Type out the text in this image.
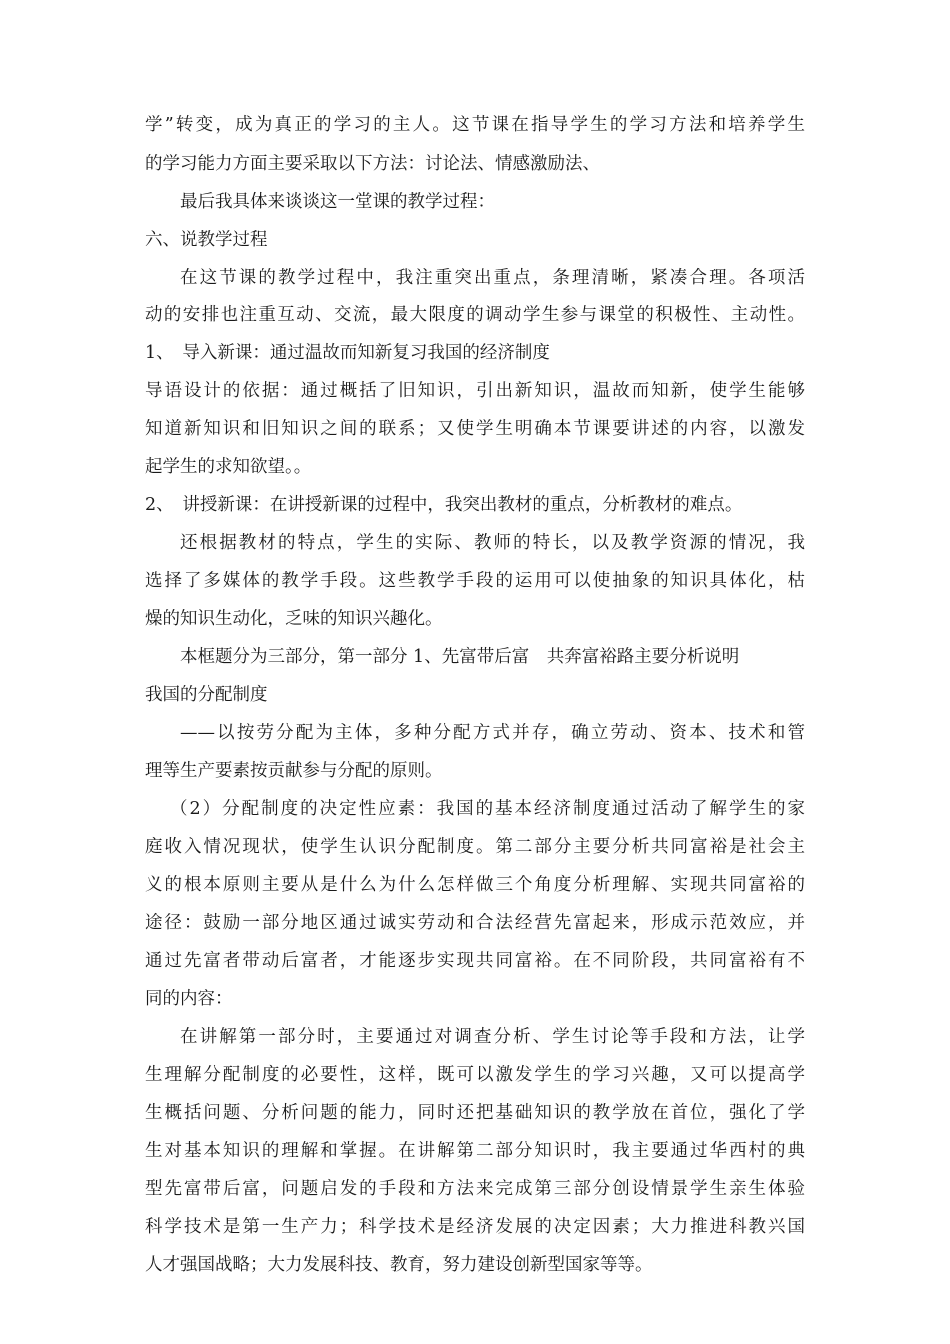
学”转变，成为真正的学习的主人。这节课在指导学生的学习方法和培养学生
的学习能力方面主要采取以下方法：讨论法、情感激励法、
最后我具体来谈谈这一堂课的教学过程：
六、说教学过程
在这节课的教学过程中，我注重突出重点，条理清晰，紧凑合理。各项活
动的安排也注重互动、交流，最大限度的调动学生参与课堂的积极性、主动性。
1、　导入新课：通过温故而知新复习我国的经济制度
导语设计的依据：通过概括了旧知识，引出新知识，温故而知新，使学生能够
知道新知识和旧知识之间的联系；又使学生明确本节课要讲述的内容，以激发
起学生的求知欲望。。
2、　讲授新课：在讲授新课的过程中，我突出教材的重点，分析教材的难点。
还根据教材的特点，学生的实际、教师的特长，以及教学资源的情况，我
选择了多媒体的教学手段。这些教学手段的运用可以使抽象的知识具体化，枯
燥的知识生动化，乏味的知识兴趣化。
本框题分为三部分，第一部分 1、先富带后富　共奔富裕路主要分析说明
我国的分配制度
——以按劳分配为主体，多种分配方式并存，确立劳动、资本、技术和管
理等生产要素按贡献参与分配的原则。
（2）分配制度的决定性应素：我国的基本经济制度通过活动了解学生的家
庭收入情况现状，使学生认识分配制度。第二部分主要分析共同富裕是社会主
义的根本原则主要从是什么为什么怎样做三个角度分析理解、实现共同富裕的
途径：鼓励一部分地区通过诚实劳动和合法经营先富起来，形成示范效应，并
通过先富者带动后富者，才能逐步实现共同富裕。在不同阶段，共同富裕有不
同的内容：
在讲解第一部分时，主要通过对调查分析、学生讨论等手段和方法，让学
生理解分配制度的必要性，这样，既可以激发学生的学习兴趣，又可以提高学
生概括问题、分析问题的能力，同时还把基础知识的教学放在首位，强化了学
生对基本知识的理解和掌握。在讲解第二部分知识时，我主要通过华西村的典
型先富带后富，问题启发的手段和方法来完成第三部分创设情景学生亲生体验
科学技术是第一生产力；科学技术是经济发展的决定因素；大力推进科教兴国
人才强国战略；大力发展科技、教育，努力建设创新型国家等等。
